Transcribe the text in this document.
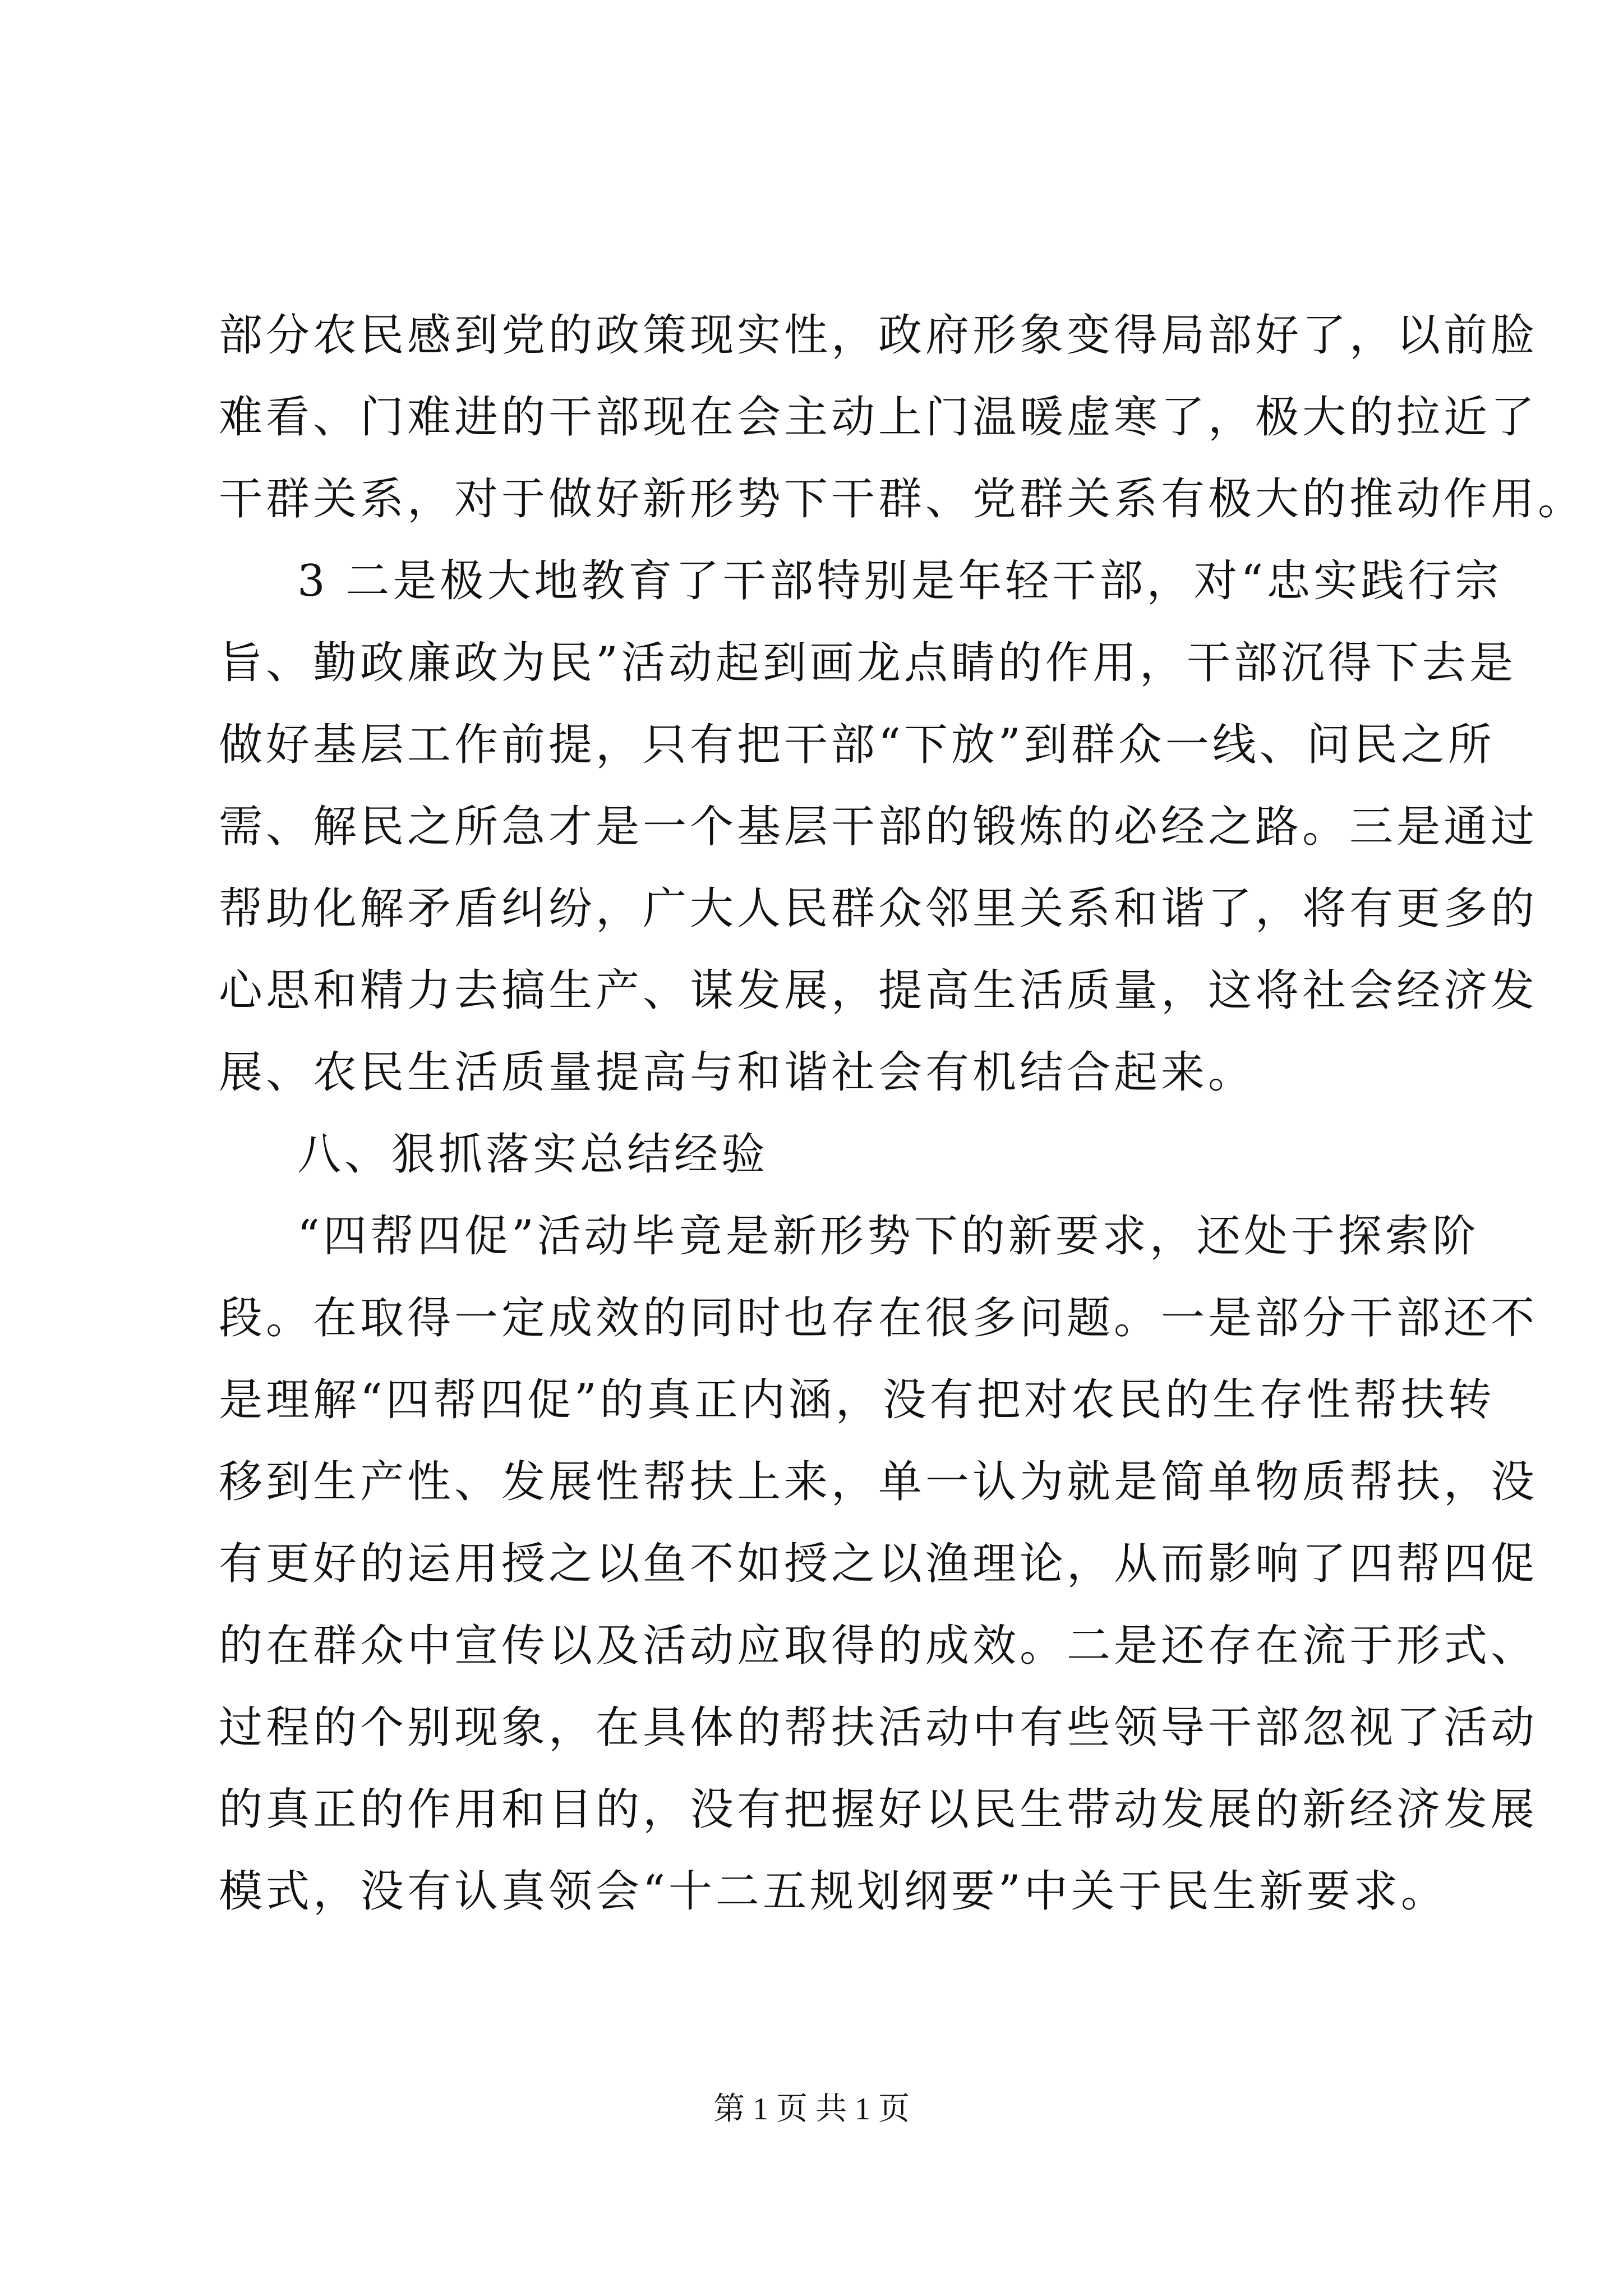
部分农民感到党的政策现实性，政府形象变得局部好了，以前脸
难看、门难进的干部现在会主动上门温暖虚寒了，极大的拉近了
干群关系，对于做好新形势下干群、党群关系有极大的推动作用。
3 二是极大地教育了干部特别是年轻干部，对“忠实践行宗
旨、勤政廉政为民”活动起到画龙点睛的作用，干部沉得下去是
做好基层工作前提，只有把干部“下放”到群众一线、问民之所
需、解民之所急才是一个基层干部的锻炼的必经之路。三是通过
帮助化解矛盾纠纷，广大人民群众邻里关系和谐了，将有更多的
心思和精力去搞生产、谋发展，提高生活质量，这将社会经济发
展、农民生活质量提高与和谐社会有机结合起来。
八、狠抓落实总结经验
“四帮四促”活动毕竟是新形势下的新要求，还处于探索阶
段。在取得一定成效的同时也存在很多问题。一是部分干部还不
是理解“四帮四促”的真正内涵，没有把对农民的生存性帮扶转
移到生产性、发展性帮扶上来，单一认为就是简单物质帮扶，没
有更好的运用授之以鱼不如授之以渔理论，从而影响了四帮四促
的在群众中宣传以及活动应取得的成效。二是还存在流于形式、
过程的个别现象，在具体的帮扶活动中有些领导干部忽视了活动
的真正的作用和目的，没有把握好以民生带动发展的新经济发展
模式，没有认真领会“十二五规划纲要”中关于民生新要求。
第 1 页 共 1 页
